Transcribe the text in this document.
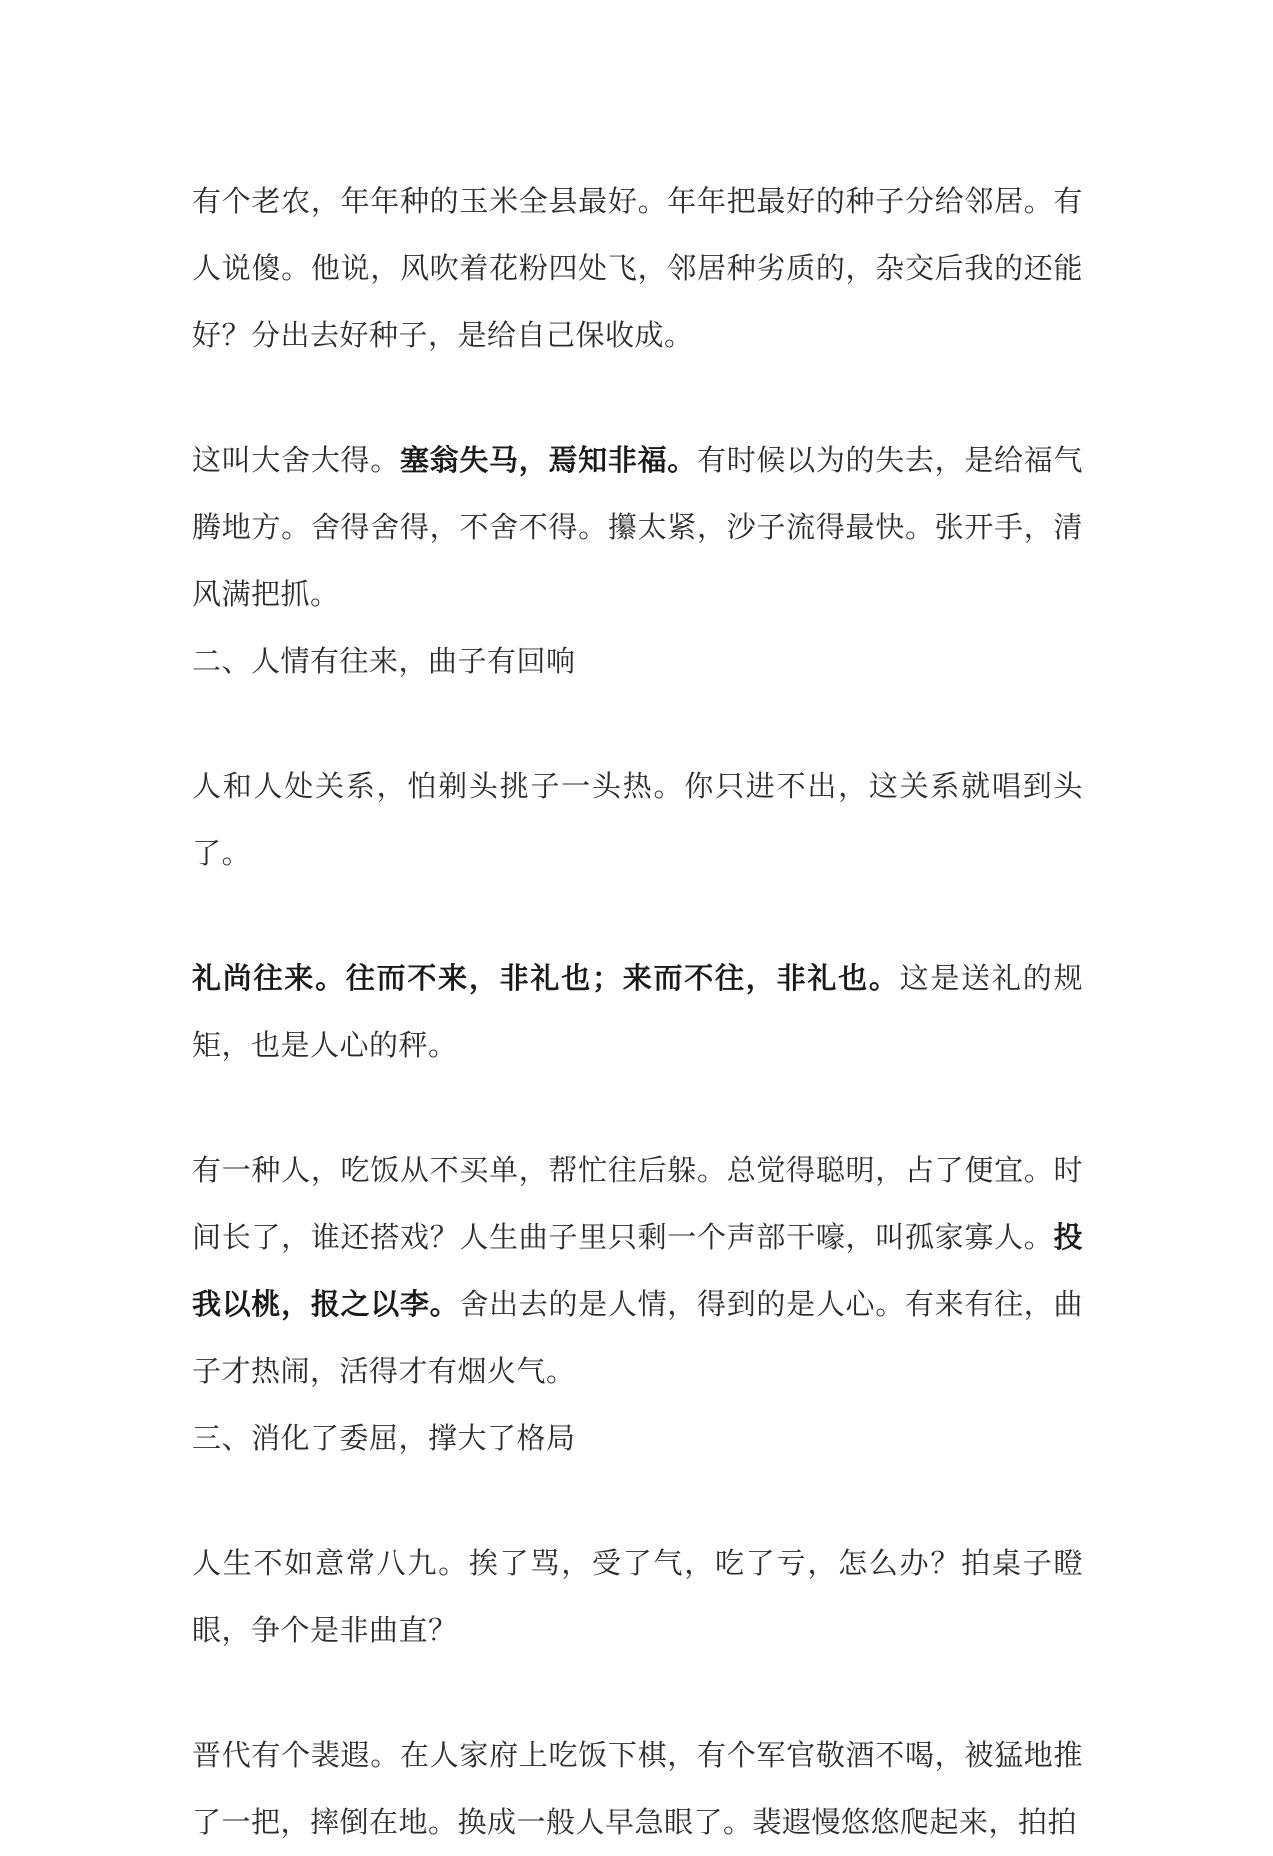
有个老农，年年种的玉米全县最好。年年把最好的种子分给邻居。有人说傻。他说，风吹着花粉四处飞，邻居种劣质的，杂交后我的还能好？分出去好种子，是给自己保收成。

这叫大舍大得。塞翁失马，焉知非福。有时候以为的失去，是给福气腾地方。舍得舍得，不舍不得。攥太紧，沙子流得最快。张开手，清风满把抓。

二、人情有往来，曲子有回响

人和人处关系，怕剃头挑子一头热。你只进不出，这关系就唱到头了。

礼尚往来。往而不来，非礼也；来而不往，非礼也。这是送礼的规矩，也是人心的秤。

有一种人，吃饭从不买单，帮忙往后躲。总觉得聪明，占了便宜。时间长了，谁还搭戏？人生曲子里只剩一个声部干嚎，叫孤家寡人。投我以桃，报之以李。舍出去的是人情，得到的是人心。有来有往，曲子才热闹，活得才有烟火气。

三、消化了委屈，撑大了格局

人生不如意常八九。挨了骂，受了气，吃了亏，怎么办？拍桌子瞪眼，争个是非曲直？

晋代有个裴遐。在人家府上吃饭下棋，有个军官敬酒不喝，被猛地推了一把，摔倒在地。换成一般人早急眼了。裴遐慢悠悠爬起来，拍拍
